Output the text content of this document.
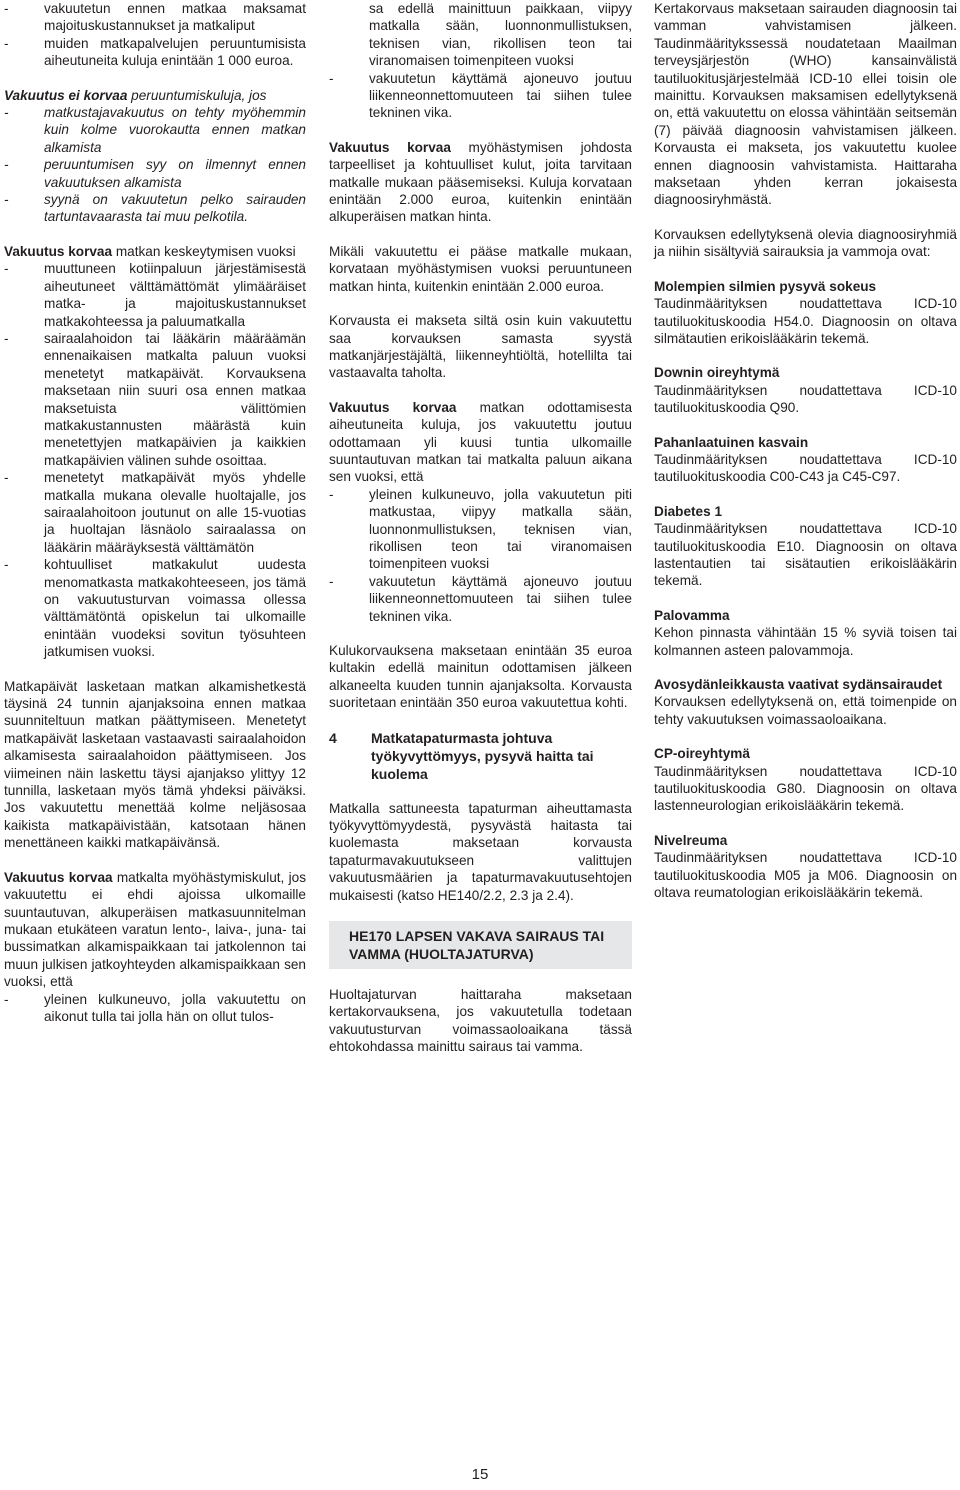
- vakuutetun ennen matkaa maksamat majoituskustannukset ja matkaliput
- muiden matkapalvelujen peruuntumisista aiheutuneita kuluja enintään 1 000 euroa.

Vakuutus ei korvaa peruuntumiskuluja, jos

- matkustajavakuutus on tehty myöhemmin kuin kolme vuorokautta ennen matkan alkamista
- peruuntumisen syy on ilmennyt ennen vakuutuksen alkamista
- syynä on vakuutetun pelko sairauden tartuntavaarasta tai muu pelkotila.

Vakuutus korvaa matkan keskeytymisen vuoksi

- muuttuneen kotiinpaluun järjestämisestä aiheutuneet välttämättömät ylimääräiset matka- ja majoituskustannukset matkakohteessa ja paluumatkalla
- sairaalahoidon tai lääkärin määräämän ennenaikaisen matkalta paluun vuoksi menetetyt matkapäivät. Korvauksena maksetaan niin suuri osa ennen matkaa maksetuista välittömien matkakustannusten määrästä kuin menetettyjen matkapäivien ja kaikkien matkapäivien välinen suhde osoittaa.
- menetetyt matkapäivät myös yhdelle matkalla mukana olevalle huoltajalle, jos sairaalahoitoon joutunut on alle 15-vuotias ja huoltajan läsnäolo sairaalassa on lääkärin määräyksestä välttämätön
- kohtuulliset matkakulut uudesta menomatkasta matkakohteeseen, jos tämä on vakuutusturvan voimassa ollessa välttämätöntä opiskelun tai ulkomaille enintään vuodeksi sovitun työsuhteen jatkumisen vuoksi.

Matkapäivät lasketaan matkan alkamishetkestä täysinä 24 tunnin ajanjaksoina ennen matkaa suunniteltuun matkan päättymiseen. Menetetyt matkapäivät lasketaan vastaavasti sairaalahoidon alkamisesta sairaalahoidon päättymiseen. Jos viimeinen näin laskettu täysi ajanjakso ylittyy 12 tunnilla, lasketaan myös tämä yhdeksi päiväksi. Jos vakuutettu menettää kolme neljäsosaa kaikista matkapäivistään, katsotaan hänen menettäneen kaikki matkapäivänsä.

Vakuutus korvaa matkalta myöhästymiskulut, jos vakuutettu ei ehdi ajoissa ulkomaille suuntautuvan, alkuperäisen matkasuunnitelman mukaan etukäteen varatun lento-, laiva-, juna- tai bussimatkan alkamispaikkaan tai jatkolennon tai muun julkisen jatkoyhteyden alkamispaikkaan sen vuoksi, että

- yleinen kulkuneuvo, jolla vakuutettu on aikonut tulla tai jolla hän on ollut tulos-
sa edellä mainittuun paikkaan, viipyy matkalla sään, luonnonmullistuksen, teknisen vian, rikollisen teon tai viranomaisen toimenpiteen vuoksi
- vakuutetun käyttämä ajoneuvo joutuu liikenneonnettomuuteen tai siihen tulee tekninen vika.

Vakuutus korvaa myöhästymisen johdosta tarpeelliset ja kohtuulliset kulut, joita tarvitaan matkalle mukaan pääsemiseksi. Kuluja korvataan enintään 2.000 euroa, kuitenkin enintään alkuperäisen matkan hinta.

Mikäli vakuutettu ei pääse matkalle mukaan, korvataan myöhästymisen vuoksi peruuntuneen matkan hinta, kuitenkin enintään 2.000 euroa.

Korvausta ei makseta siltä osin kuin vakuutettu saa korvauksen samasta syystä matkanjärjestäjältä, liikenneyhtiöltä, hotellilta tai vastaavalta taholta.

Vakuutus korvaa matkan odottamisesta aiheutuneita kuluja, jos vakuutettu joutuu odottamaan yli kuusi tuntia ulkomaille suuntautuvan matkan tai matkalta paluun aikana sen vuoksi, että

- yleinen kulkuneuvo, jolla vakuutetun piti matkustaa, viipyy matkalla sään, luonnonmullistuksen, teknisen vian, rikollisen teon tai viranomaisen toimenpiteen vuoksi
- vakuutetun käyttämä ajoneuvo joutuu liikenneonnettomuuteen tai siihen tulee tekninen vika.

Kulukorvauksena maksetaan enintään 35 euroa kultakin edellä mainitun odottamisen jälkeen alkaneelta kuuden tunnin ajanjaksolta. Korvausta suoritetaan enintään 350 euroa vakuutettua kohti.

4	Matkatapaturmasta johtuva työkyvyttömyys, pysyvä haitta tai kuolema

Matkalla sattuneesta tapaturman aiheuttamasta työkyvyttömyydestä, pysyvästä haitasta tai kuolemasta maksetaan korvausta tapaturmavakuutukseen valittujen vakuutusmäärien ja tapaturmavakuutusehtojen mukaisesti (katso HE140/2.2, 2.3 ja 2.4).

HE170 LAPSEN VAKAVA SAIRAUS TAI VAMMA (HUOLTAJATURVA)

Huoltajaturvan haittaraha maksetaan kertakorvauksena, jos vakuutetulla todetaan vakuutusturvan voimassaoloaikana tässä ehtokohdassa mainittu sairaus tai vamma.

Kertakorvaus maksetaan sairauden diagnoosin tai vamman vahvistamisen jälkeen. Taudinmääritykssessä noudatetaan Maailman terveysjärjestön (WHO) kansainvälistä tautiluokitusjärjestelmää ICD-10 ellei toisin ole mainittu. Korvauksen maksamisen edellytyksenä on, että vakuutettu on elossa vähintään seitsemän (7) päivää diagnoosin vahvistamisen jälkeen. Korvausta ei makseta, jos vakuutettu kuolee ennen diagnoosin vahvistamista. Haittaraha maksetaan yhden kerran jokaisesta diagnoosiryhmästä.

Korvauksen edellytyksenä olevia diagnoosiryhmiä ja niihin sisältyviä sairauksia ja vammoja ovat:

Molempien silmien pysyvä sokeus
Taudinmäärityksen noudattettava ICD-10 tautiluokituskoodia H54.0. Diagnoosin on oltava silmätautien erikoislääkärin tekemä.
Downin oireyhtymä
Taudinmäärityksen noudattettava ICD-10 tautiluokituskoodia Q90.
Pahanlaatuinen kasvain
Taudinmäärityksen noudattettava ICD-10 tautiluokituskoodia C00-C43 ja C45-C97.
Diabetes 1
Taudinmäärityksen noudattettava ICD-10 tautiluokituskoodia E10. Diagnoosin on oltava lastentautien tai sisätautien erikoislääkärin tekemä.
Palovamma
Kehon pinnasta vähintään 15 % syviä toisen tai kolmannen asteen palovammoja.
Avosydänleikkausta vaativat sydänsairaudet
Korvauksen edellytyksenä on, että toimenpide on tehty vakuutuksen voimassaoloaikana.
CP-oireyhtymä
Taudinmäärityksen noudattettava ICD-10 tautiluokituskoodia G80. Diagnoosin on oltava lastenneurologian erikoislääkärin tekemä.
Nivelreuma
Taudinmäärityksen noudattettava ICD-10 tautiluokituskoodia M05 ja M06. Diagnoosin on oltava reumatologian erikoislääkärin tekemä.
15
